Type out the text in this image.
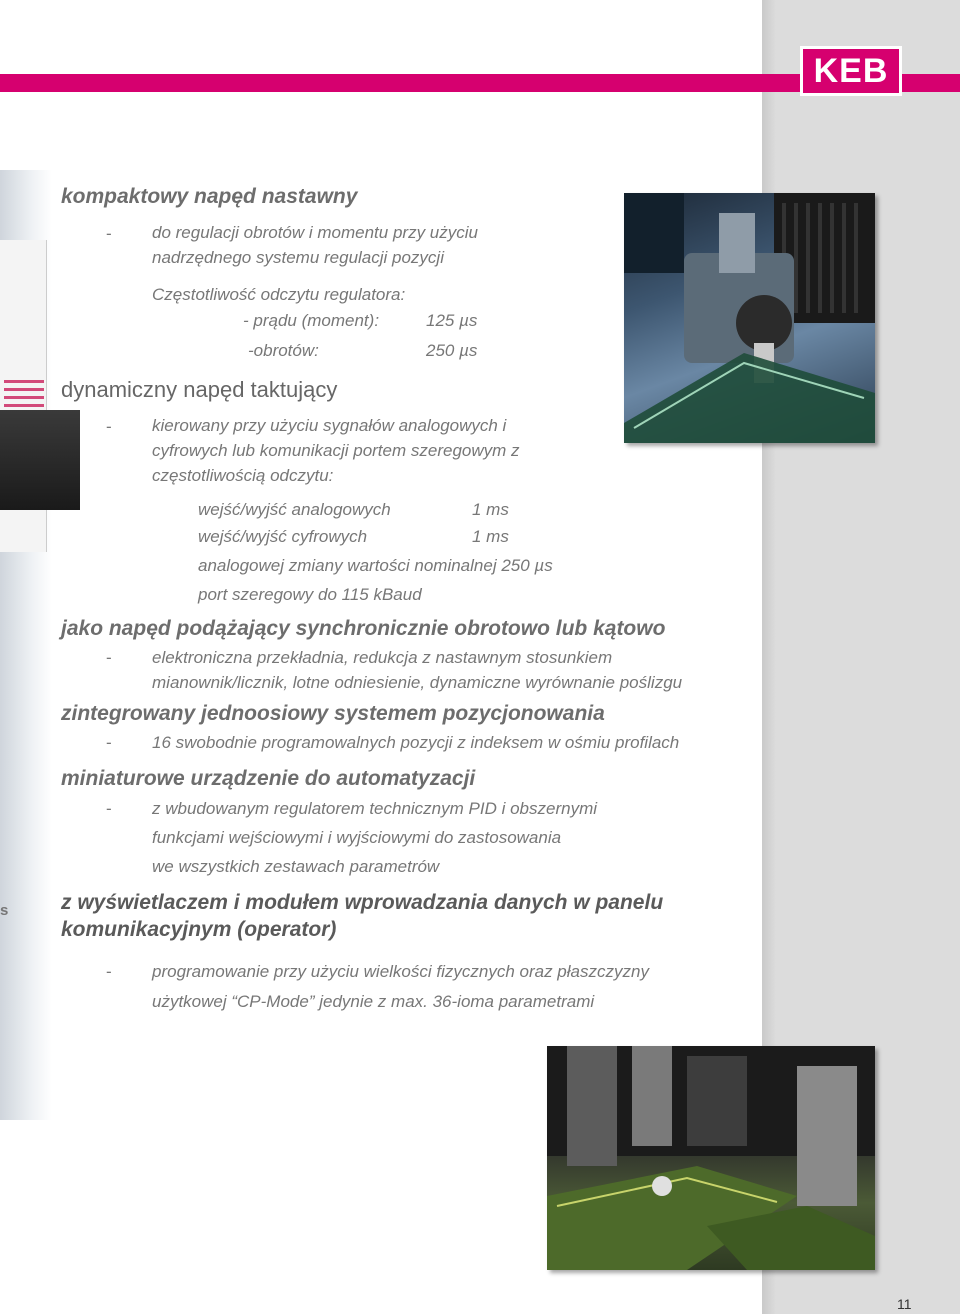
KEB
s
kompaktowy napęd nastawny

- do regulacji obrotów i momentu przy użyciu

nadrzędnego systemu regulacji pozycji

Częstotliwość odczytu regulatora:

- prądu (moment):	125 µs

-obrotów:	250 µs

dynamiczny napęd taktujący

- kierowany przy użyciu sygnałów analogowych i

cyfrowych lub komunikacji portem szeregowym z

częstotliwością odczytu:

wejść/wyjść analogowych	1 ms

wejść/wyjść cyfrowych	1 ms

analogowej zmiany wartości nominalnej 250 µs

port szeregowy do 115 kBaud

jako napęd podążający synchronicznie obrotowo lub kątowo

- elektroniczna przekładnia, redukcja z nastawnym stosunkiem

mianownik/licznik, lotne odniesienie, dynamiczne wyrównanie poślizgu

zintegrowany jednoosiowy systemem pozycjonowania

- 16 swobodnie programowalnych pozycji z indeksem w ośmiu profilach

miniaturowe urządzenie do automatyzacji

- z wbudowanym regulatorem technicznym PID i obszernymi

funkcjami wejściowymi i wyjściowymi do zastosowania

we wszystkich zestawach parametrów

z wyświetlaczem i modułem wprowadzania danych w panelu
komunikacyjnym (operator)

- programowanie przy użyciu wielkości fizycznych oraz płaszczyzny

użytkowej “CP-Mode” jedynie z max. 36-ioma parametrami

11
